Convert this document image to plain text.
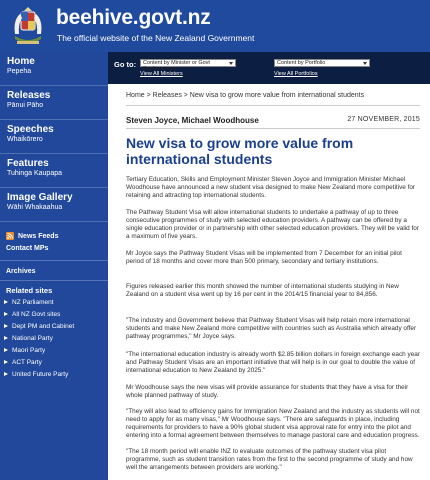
beehive.govt.nz
The official website of the New Zealand Government
Home
Pepeha
Releases
Pānui Pāho
Speeches
Whaikōrero
Features
Tuhinga Kaupapa
Image Gallery
Wāhi Whakaahua
News Feeds
Contact MPs
Archives
Related sites
NZ Parliament
All NZ Govt sites
Dept PM and Cabinet
National Party
Maori Party
ACT Party
United Future Party
Go to:	Content by Minister or Govt Spokesperson
Content by Portfolio
View All Ministers	View All Portfolios
Home > Releases > New visa to grow more value from international students
Steven Joyce, Michael Woodhouse	27 NOVEMBER, 2015
New visa to grow more value from international students
Tertiary Education, Skills and Employment Minister Steven Joyce and Immigration Minister Michael Woodhouse have announced a new student visa designed to make New Zealand more competitive for retaining and attracting top international students.
The Pathway Student Visa will allow international students to undertake a pathway of up to three consecutive programmes of study with selected education providers. A pathway can be offered by a single education provider or in partnership with other selected education providers. They will be valid for a maximum of five years.
Mr Joyce says the Pathway Student Visas will be implemented from 7 December for an initial pilot period of 18 months and cover more than 500 primary, secondary and tertiary institutions.
Figures released earlier this month showed the number of international students studying in New Zealand on a student visa went up by 16 per cent in the 2014/15 financial year to 84,856.
"The industry and Government believe that Pathway Student Visas will help retain more international students and make New Zealand more competitive with countries such as Australia which already offer pathway programmes," Mr Joyce says.
"The international education industry is already worth $2.85 billion dollars in foreign exchange each year and Pathway Student Visas are an important initiative that will help is in our goal to double the value of international education to New Zealand by 2025."
Mr Woodhouse says the new visas will provide assurance for students that they have a visa for their whole planned pathway of study.
"They will also lead to efficiency gains for Immigration New Zealand and the industry as students will not need to apply for as many visas," Mr Woodhouse says. "There are safeguards in place, including requirements for providers to have a 90% global student visa approval rate for entry into the pilot and entering into a formal agreement between themselves to manage pastoral care and education progress.
"The 18 month period will enable INZ to evaluate outcomes of the pathway student visa pilot programme, such as student transition rates from the first to the second programme of study and how well the arrangements between providers are working."
